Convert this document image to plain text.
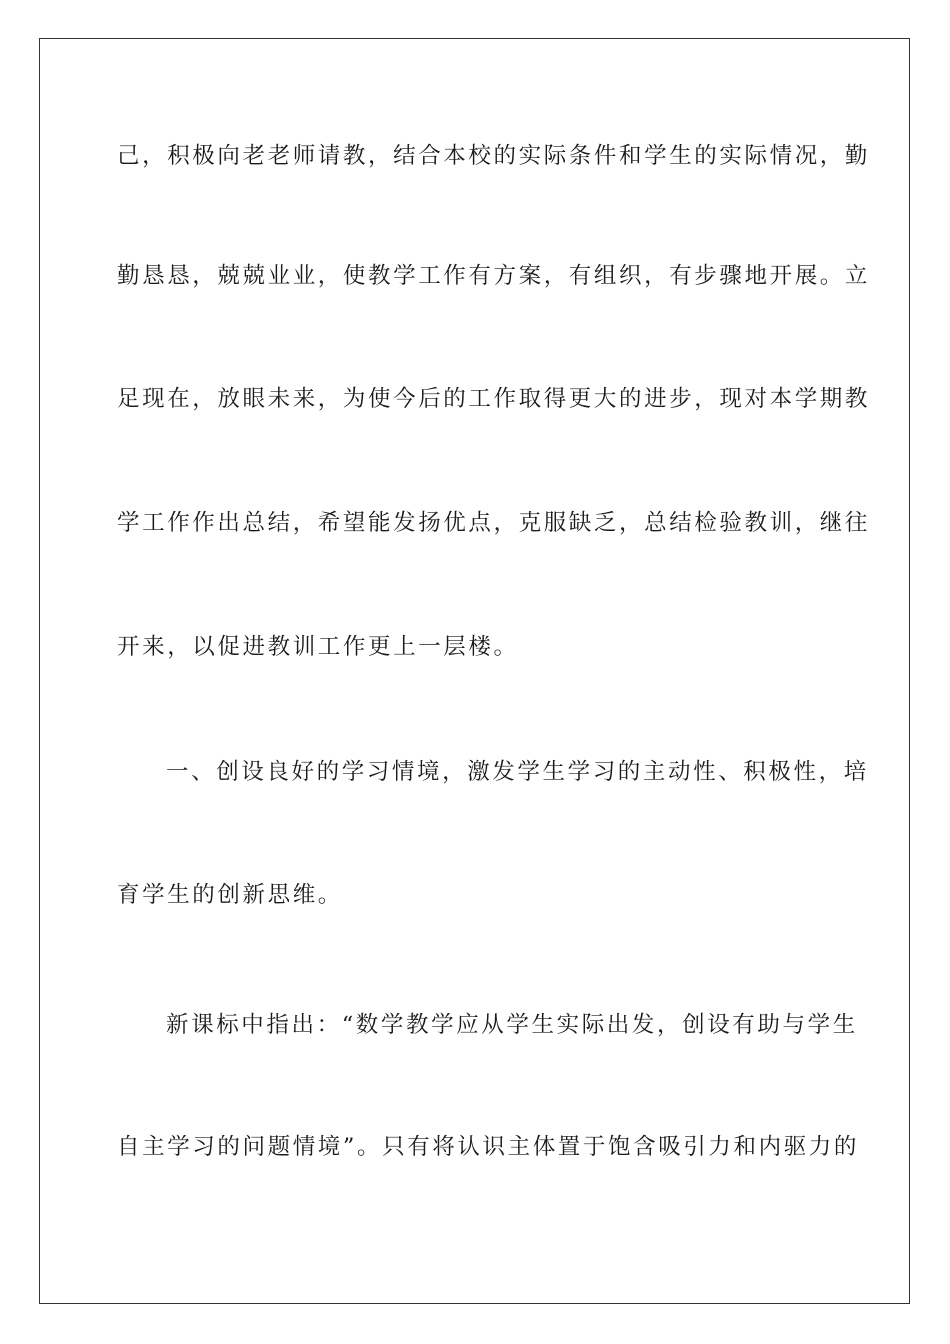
己，积极向老老师请教，结合本校的实际条件和学生的实际情况，勤

勤恳恳，兢兢业业，使教学工作有方案，有组织，有步骤地开展。立

足现在，放眼未来，为使今后的工作取得更大的进步，现对本学期教

学工作作出总结，希望能发扬优点，克服缺乏，总结检验教训，继往

开来，以促进教训工作更上一层楼。

一、创设良好的学习情境，激发学生学习的主动性、积极性，培

育学生的创新思维。

新课标中指出：“数学教学应从学生实际出发，创设有助与学生

自主学习的问题情境”。只有将认识主体置于饱含吸引力和内驱力的
